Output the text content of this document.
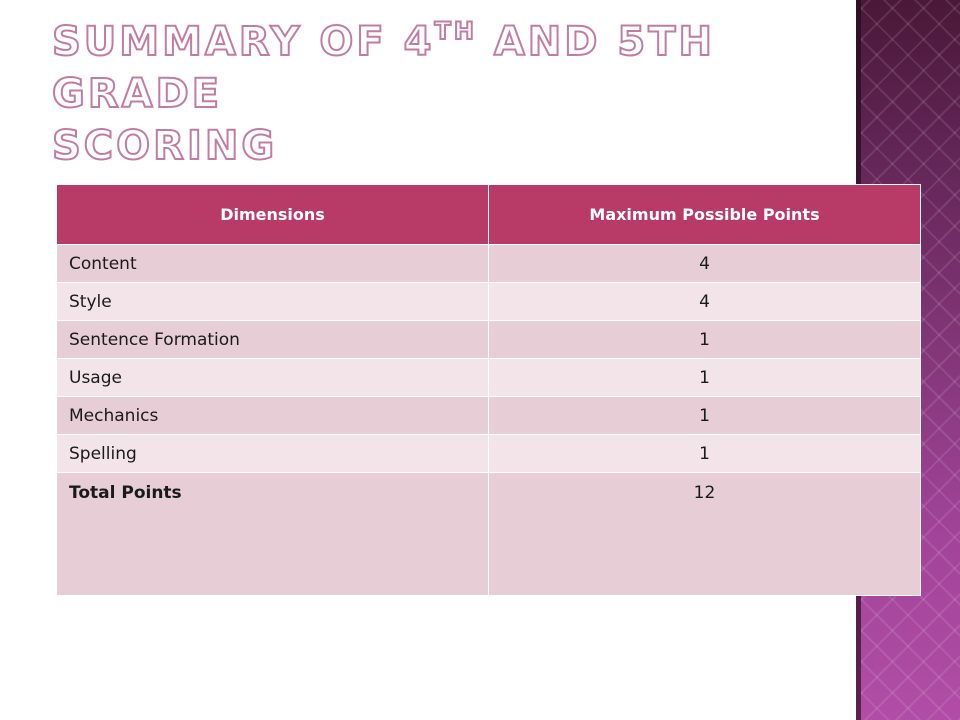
SUMMARY OF 4TH AND 5TH GRADE
SCORING
Dimensions	Maximum Possible Points
Content	4
Style	4
Sentence Formation	1
Usage	1
Mechanics	1
Spelling	1
Total Points	12
